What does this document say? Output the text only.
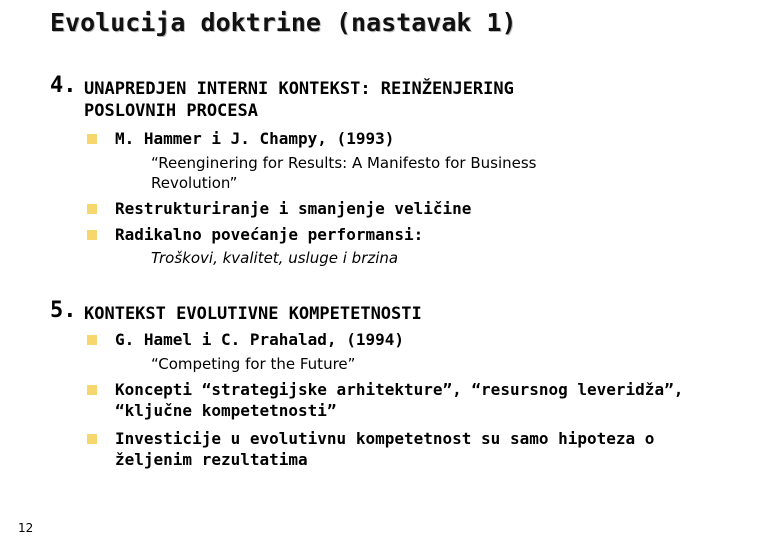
Evolucija doktrine (nastavak 1)
4. UNAPREDJEN INTERNI KONTEKST: REINŽENJERING
POSLOVNIH PROCESA
M. Hammer i J. Champy, (1993)
“Reenginering for Results: A Manifesto for Business
Revolution”
Restrukturiranje i smanjenje veličine
Radikalno povećanje performansi:
Troškovi, kvalitet, usluge i brzina
5. KONTEKST EVOLUTIVNE KOMPETETNOSTI
G. Hamel i C. Prahalad, (1994)
“Competing for the Future”
Koncepti “strategijske arhitekture”, “resursnog leveridža”,
“ključne kompetetnosti”
Investicije u evolutivnu kompetetnost su samo hipoteza o
željenim rezultatima
12
